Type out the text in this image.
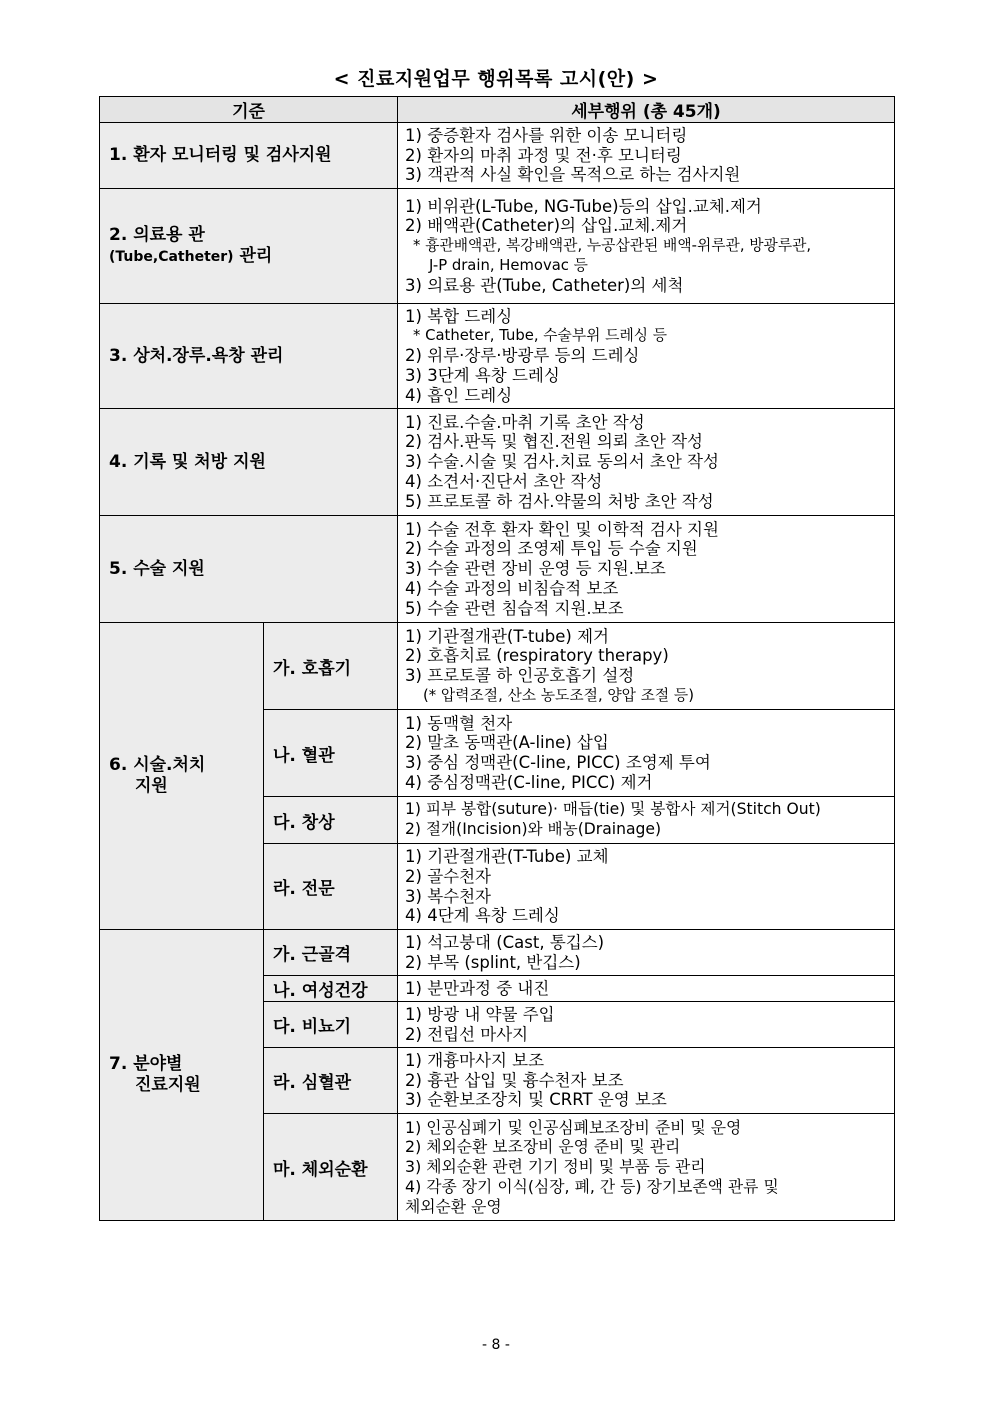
< 진료지원업무 행위목록 고시(안) >
기준		세부행위 (총 45개)
1. 환자 모니터링 및 검사지원		1) 중증환자 검사를 위한 이송 모니터링
2) 환자의 마취 과정 및 전·후 모니터링
3) 객관적 사실 확인을 목적으로 하는 검사지원

2. 의료용 관
(Tube,Catheter) 관리		1) 비위관(L-Tube, NG-Tube)등의 삽입.교체.제거
2) 배액관(Catheter)의 삽입.교체.제거
* 흉관배액관, 복강배액관, 누공삽관된 배액-위루관, 방광루관,
J-P drain, Hemovac 등
3) 의료용 관(Tube, Catheter)의 세척

3. 상처.장루.욕창 관리		1) 복합 드레싱
* Catheter, Tube, 수술부위 드레싱 등
2) 위루·장루·방광루 등의 드레싱
3) 3단계 욕창 드레싱
4) 흡인 드레싱

4. 기록 및 처방 지원		1) 진료.수술.마취 기록 초안 작성
2) 검사.판독 및 협진.전원 의뢰 초안 작성
3) 수술.시술 및 검사.치료 동의서 초안 작성
4) 소견서·진단서 초안 작성
5) 프로토콜 하 검사.약물의 처방 초안 작성

5. 수술 지원		1) 수술 전후 환자 확인 및 이학적 검사 지원
2) 수술 과정의 조영제 투입 등 수술 지원
3) 수술 관련 장비 운영 등 지원.보조
4) 수술 과정의 비침습적 보조
5) 수술 관련 침습적 지원.보조

6. 시술.처치
지원	가. 호흡기	1) 기관절개관(T-tube) 제거
2) 호흡치료 (respiratory therapy)
3) 프로토콜 하 인공호흡기 설정
(* 압력조절, 산소 농도조절, 양압 조절 등)

	나. 혈관	1) 동맥혈 천자
2) 말초 동맥관(A-line) 삽입
3) 중심 정맥관(C-line, PICC) 조영제 투여
4) 중심정맥관(C-line, PICC) 제거

	다. 창상	1) 피부 봉합(suture)· 매듭(tie) 및 봉합사 제거(Stitch Out)
2) 절개(Incision)와 배농(Drainage)

	라. 전문	1) 기관절개관(T-Tube) 교체
2) 골수천자
3) 복수천자
4) 4단계 욕창 드레싱

7. 분야별
진료지원	가. 근골격	1) 석고붕대 (Cast, 통깁스)
2) 부목 (splint, 반깁스)

	나. 여성건강	1) 분만과정 중 내진

	다. 비뇨기	1) 방광 내 약물 주입
2) 전립선 마사지

	라. 심혈관	1) 개흉마사지 보조
2) 흉관 삽입 및 흉수천자 보조
3) 순환보조장치 및 CRRT 운영 보조

	마. 체외순환	1) 인공심폐기 및 인공심폐보조장비 준비 및 운영
2) 체외순환 보조장비 운영 준비 및 관리
3) 체외순환 관련 기기 정비 및 부품 등 관리
4) 각종 장기 이식(심장, 폐, 간 등) 장기보존액 관류 및
체외순환 운영
- 8 -
